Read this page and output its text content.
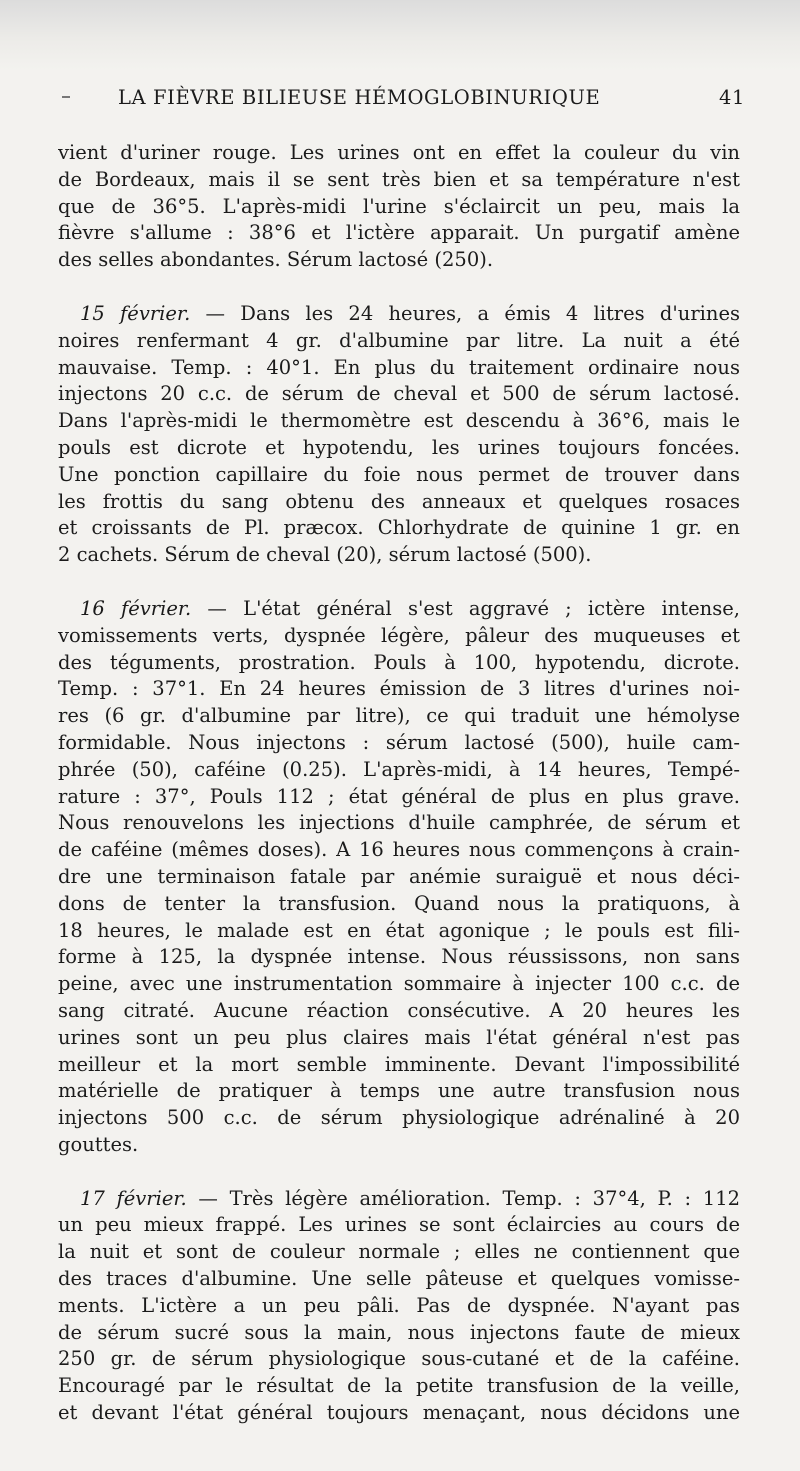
LA FIÈVRE BILIEUSE HÉMOGLOBINURIQUE	41
vient d'uriner rouge. Les urines ont en effet la couleur du vin
de Bordeaux, mais il se sent très bien et sa température n'est
que de 36°5. L'après-midi l'urine s'éclaircit un peu, mais la
fièvre s'allume : 38°6 et l'ictère apparait. Un purgatif amène
des selles abondantes. Sérum lactosé (250).
15 février. — Dans les 24 heures, a émis 4 litres d'urines
noires renfermant 4 gr. d'albumine par litre. La nuit a été
mauvaise. Temp. : 40°1. En plus du traitement ordinaire nous
injectons 20 c.c. de sérum de cheval et 500 de sérum lactosé.
Dans l'après-midi le thermomètre est descendu à 36°6, mais le
pouls est dicrote et hypotendu, les urines toujours foncées.
Une ponction capillaire du foie nous permet de trouver dans
les frottis du sang obtenu des anneaux et quelques rosaces
et croissants de Pl. præcox. Chlorhydrate de quinine 1 gr. en
2 cachets. Sérum de cheval (20), sérum lactosé (500).
16 février. — L'état général s'est aggravé ; ictère intense,
vomissements verts, dyspnée légère, pâleur des muqueuses et
des téguments, prostration. Pouls à 100, hypotendu, dicrote.
Temp. : 37°1. En 24 heures émission de 3 litres d'urines noi-
res (6 gr. d'albumine par litre), ce qui traduit une hémolyse
formidable. Nous injectons : sérum lactosé (500), huile cam-
phrée (50), caféine (0.25). L'après-midi, à 14 heures, Tempé-
rature : 37°, Pouls 112 ; état général de plus en plus grave.
Nous renouvelons les injections d'huile camphrée, de sérum et
de caféine (mêmes doses). A 16 heures nous commençons à crain-
dre une terminaison fatale par anémie suraiguë et nous déci-
dons de tenter la transfusion. Quand nous la pratiquons, à
18 heures, le malade est en état agonique ; le pouls est fili-
forme à 125, la dyspnée intense. Nous réussissons, non sans
peine, avec une instrumentation sommaire à injecter 100 c.c. de
sang citraté. Aucune réaction consécutive. A 20 heures les
urines sont un peu plus claires mais l'état général n'est pas
meilleur et la mort semble imminente. Devant l'impossibilité
matérielle de pratiquer à temps une autre transfusion nous
injectons 500 c.c. de sérum physiologique adrénaliné à 20
gouttes.
17 février. — Très légère amélioration. Temp. : 37°4, P. : 112
un peu mieux frappé. Les urines se sont éclaircies au cours de
la nuit et sont de couleur normale ; elles ne contiennent que
des traces d'albumine. Une selle pâteuse et quelques vomisse-
ments. L'ictère a un peu pâli. Pas de dyspnée. N'ayant pas
de sérum sucré sous la main, nous injectons faute de mieux
250 gr. de sérum physiologique sous-cutané et de la caféine.
Encouragé par le résultat de la petite transfusion de la veille,
et devant l'état général toujours menaçant, nous décidons une
